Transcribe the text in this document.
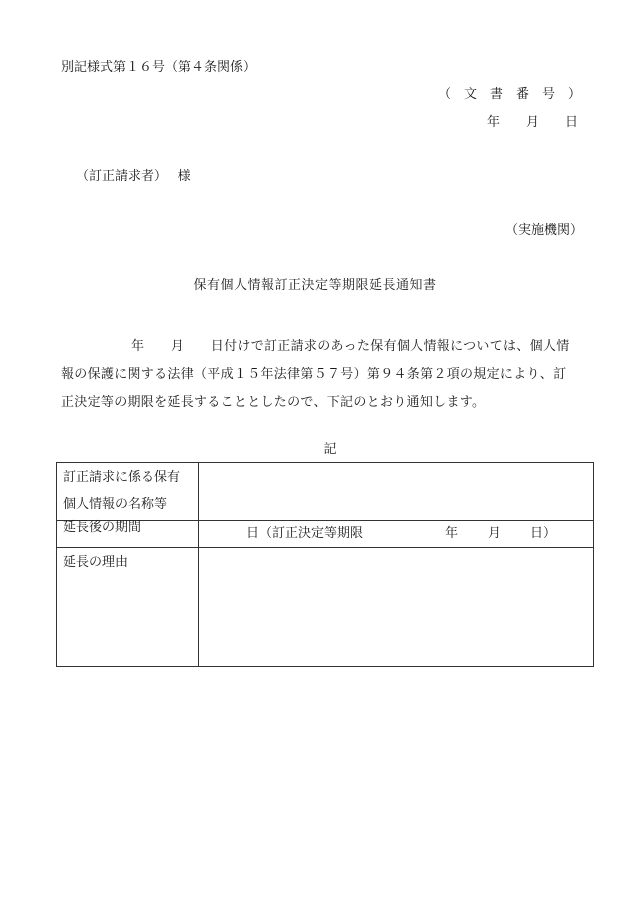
別記様式第１６号（第４条関係）
（　文　書　番　号　）
年　　月　　日
（訂正請求者）　 様
（実施機関）
保有個人情報訂正決定等期限延長通知書
年　　月　　日付けで訂正請求のあった保有個人情報については、個人情
報の保護に関する法律（平成１５年法律第５７号）第９４条第２項の規定により、訂
正決定等の期限を延長することとしたので、下記のとおり通知します。
記
訂正請求に係る保有
個人情報の名称等	

延長後の期間	日（訂正決定等期限 年 月 日）

延長の理由	
